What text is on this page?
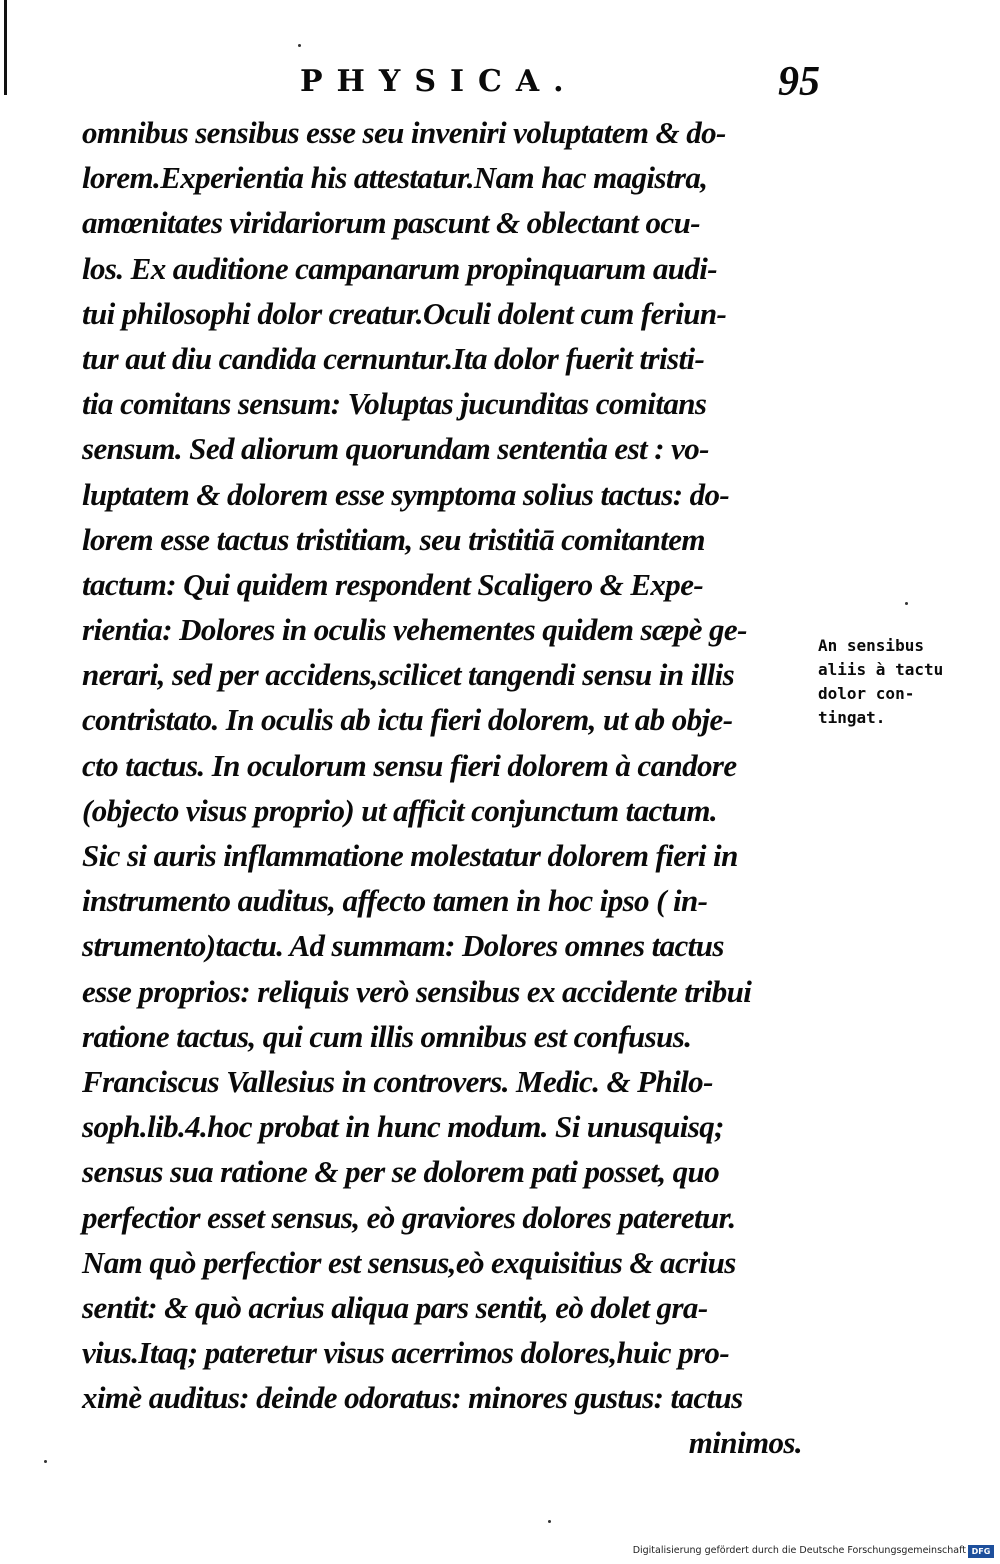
PHYSICA.	95
omnibus sensibus esse seu inveniri voluptatem & do-
lorem.Experientia his attestatur.Nam hac magistra,
amœnitates viridariorum pascunt & oblectant ocu-
los. Ex auditione campanarum propinquarum audi-
tui philosophi dolor creatur.Oculi dolent cum feriun-
tur aut diu candida cernuntur.Ita dolor fuerit tristi-
tia comitans sensum: Voluptas jucunditas comitans
sensum. Sed aliorum quorundam sententia est : vo-
luptatem & dolorem esse symptoma solius tactus: do-
lorem esse tactus tristitiam, seu tristitiā comitantem
tactum: Qui quidem respondent Scaligero & Expe-
rientia: Dolores in oculis vehementes quidem sæpè ge-
nerari, sed per accidens,scilicet tangendi sensu in illis
contristato. In oculis ab ictu fieri dolorem, ut ab obje-
cto tactus. In oculorum sensu fieri dolorem à candore
(objecto visus proprio) ut afficit conjunctum tactum.
Sic si auris inflammatione molestatur dolorem fieri in
instrumento auditus, affecto tamen in hoc ipso ( in-
strumento)tactu. Ad summam: Dolores omnes tactus
esse proprios: reliquis verò sensibus ex accidente tribui
ratione tactus, qui cum illis omnibus est confusus.
Franciscus Vallesius in controvers. Medic. & Philo-
soph.lib.4.hoc probat in hunc modum. Si unusquisq;
sensus sua ratione & per se dolorem pati posset, quo
perfectior esset sensus, eò graviores dolores pateretur.
Nam quò perfectior est sensus,eò exquisitius & acrius
sentit: & quò acrius aliqua pars sentit, eò dolet gra-
vius.Itaq; pateretur visus acerrimos dolores,huic pro-
ximè auditus: deinde odoratus: minores gustus: tactus
minimos.
An sensibus
aliis à tactu
dolor con-
tingat.
Digitalisierung gefördert durch die Deutsche Forschungsgemeinschaft DFG
